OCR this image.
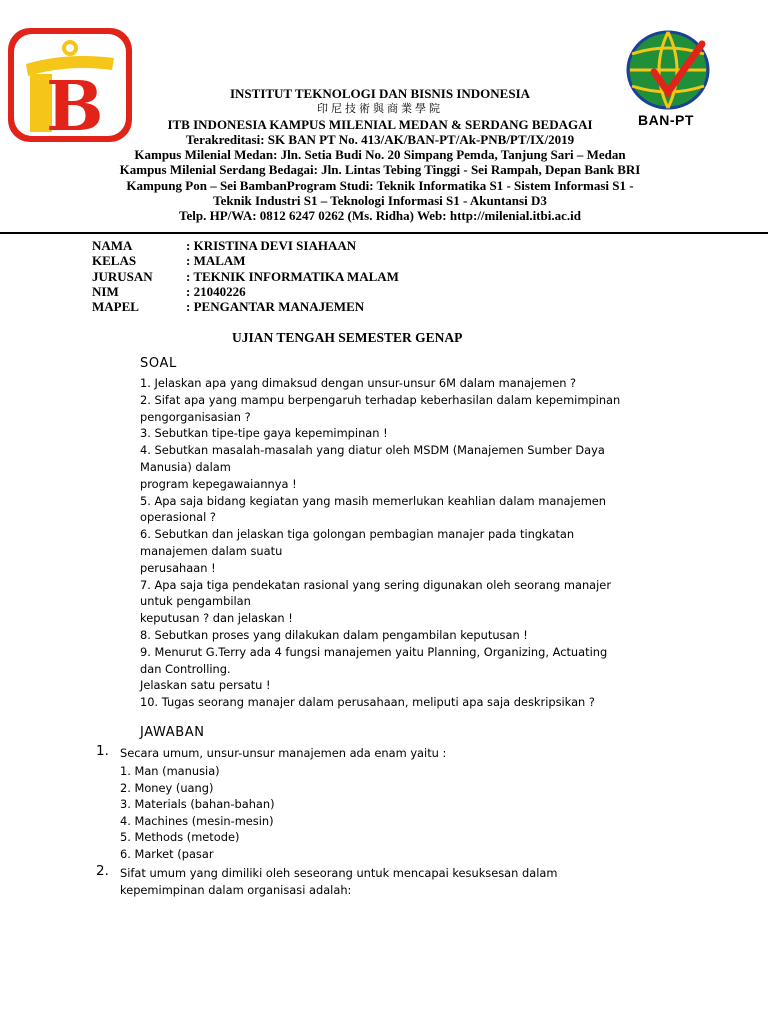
B	BAN-PT
INSTITUT TEKNOLOGI DAN BISNIS INDONESIA
印尼技術與商業學院
ITB INDONESIA KAMPUS MILENIAL MEDAN & SERDANG BEDAGAI
Terakreditasi: SK BAN PT No. 413/AK/BAN-PT/Ak-PNB/PT/IX/2019
Kampus Milenial Medan: Jln. Setia Budi No. 20 Simpang Pemda, Tanjung Sari – Medan
Kampus Milenial Serdang Bedagai: Jln. Lintas Tebing Tinggi - Sei Rampah, Depan Bank BRI
Kampung Pon – Sei BambanProgram Studi: Teknik Informatika S1 - Sistem Informasi S1 -
Teknik Industri S1 – Teknologi Informasi S1 - Akuntansi D3
Telp. HP/WA: 0812 6247 0262 (Ms. Ridha) Web: http://milenial.itbi.ac.id
NAMA	: KRISTINA DEVI SIAHAAN
KELAS	: MALAM
JURUSAN	: TEKNIK INFORMATIKA MALAM
NIM	: 21040226
MAPEL	: PENGANTAR MANAJEMEN
UJIAN TENGAH SEMESTER GENAP
SOAL
1. Jelaskan apa yang dimaksud dengan unsur-unsur 6M dalam manajemen ?
2. Sifat apa yang mampu berpengaruh terhadap keberhasilan dalam kepemimpinan
pengorganisasian ?
3. Sebutkan tipe-tipe gaya kepemimpinan !
4. Sebutkan masalah-masalah yang diatur oleh MSDM (Manajemen Sumber Daya
Manusia) dalam
program kepegawaiannya !
5. Apa saja bidang kegiatan yang masih memerlukan keahlian dalam manajemen
operasional ?
6. Sebutkan dan jelaskan tiga golongan pembagian manajer pada tingkatan
manajemen dalam suatu
perusahaan !
7. Apa saja tiga pendekatan rasional yang sering digunakan oleh seorang manajer
untuk pengambilan
keputusan ? dan jelaskan !
8. Sebutkan proses yang dilakukan dalam pengambilan keputusan !
9. Menurut G.Terry ada 4 fungsi manajemen yaitu Planning, Organizing, Actuating
dan Controlling.
Jelaskan satu persatu !
10. Tugas seorang manajer dalam perusahaan, meliputi apa saja deskripsikan ?
JAWABAN
1. Secara umum, unsur-unsur manajemen ada enam yaitu :
1. Man (manusia)
2. Money (uang)
3. Materials (bahan-bahan)
4. Machines (mesin-mesin)
5. Methods (metode)
6. Market (pasar
2. Sifat umum yang dimiliki oleh seseorang untuk mencapai kesuksesan dalam
kepemimpinan dalam organisasi adalah:
